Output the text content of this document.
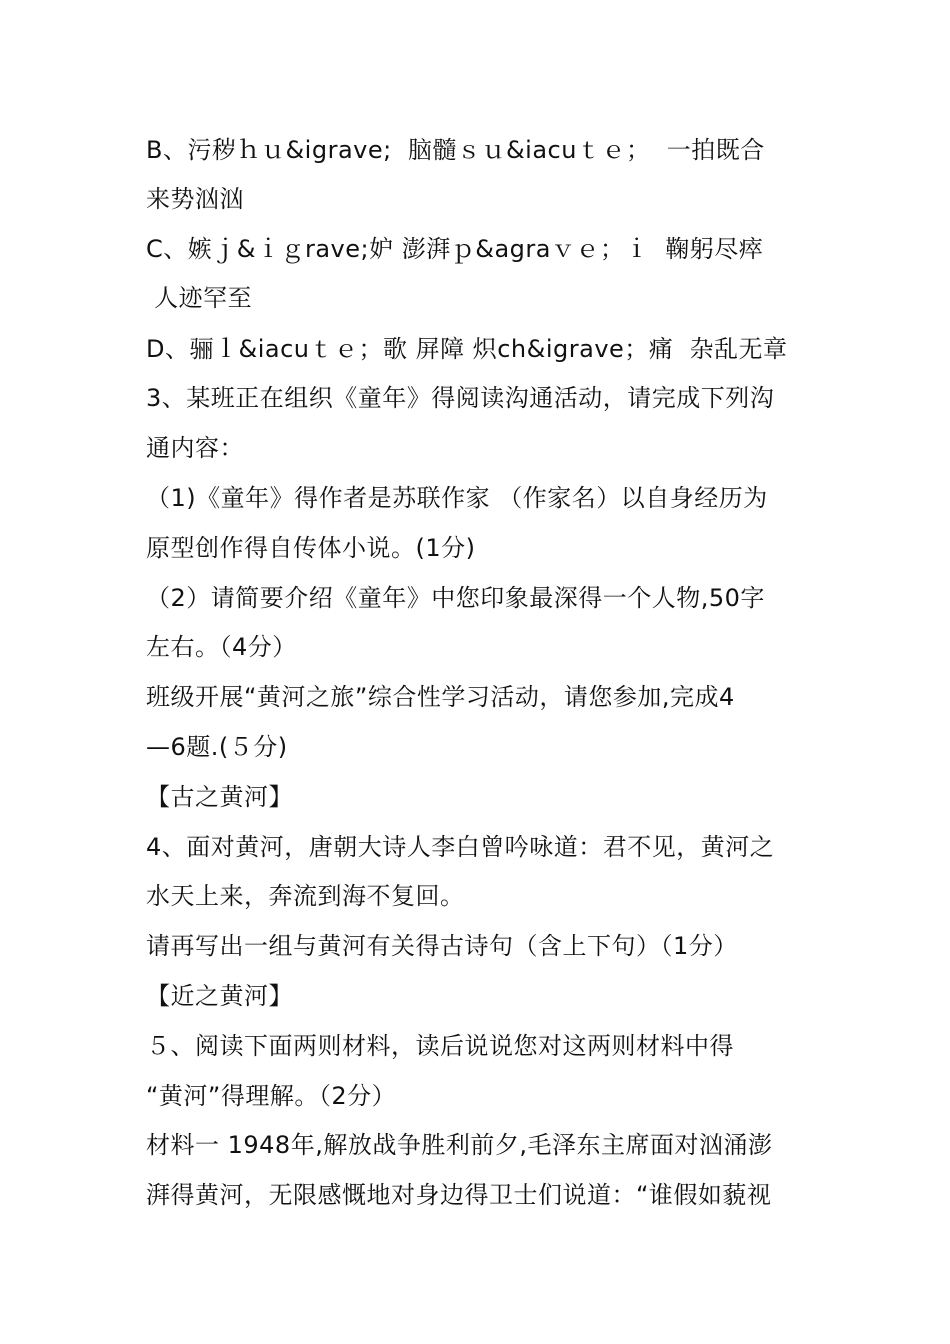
B、污秽ｈｕ&igrave;  脑髓ｓｕ&iacuｔｅ；  一拍既合
来势汹汹
C、嫉ｊ&ｉｇrave;妒 澎湃ｐ&agraｖｅ；ｉ  鞠躬尽瘁
人迹罕至
D、骊ｌ&iacuｔｅ；歌 屏障 炽ch&igrave；痛  杂乱无章
3、某班正在组织《童年》得阅读沟通活动，请完成下列沟
通内容：
（1)《童年》得作者是苏联作家 （作家名）以自身经历为
原型创作得自传体小说。(1分)
（2）请简要介绍《童年》中您印象最深得一个人物,50字
左右。（4分）
班级开展“黄河之旅”综合性学习活动，请您参加,完成4
—6题.(５分)
【古之黄河】
4、面对黄河，唐朝大诗人李白曾吟咏道：君不见，黄河之
水天上来，奔流到海不复回。
请再写出一组与黄河有关得古诗句（含上下句）（1分）
【近之黄河】
５、阅读下面两则材料，读后说说您对这两则材料中得
“黄河”得理解。（2分）
材料一 1948年,解放战争胜利前夕,毛泽东主席面对汹涌澎
湃得黄河，无限感慨地对身边得卫士们说道：“谁假如藐视
